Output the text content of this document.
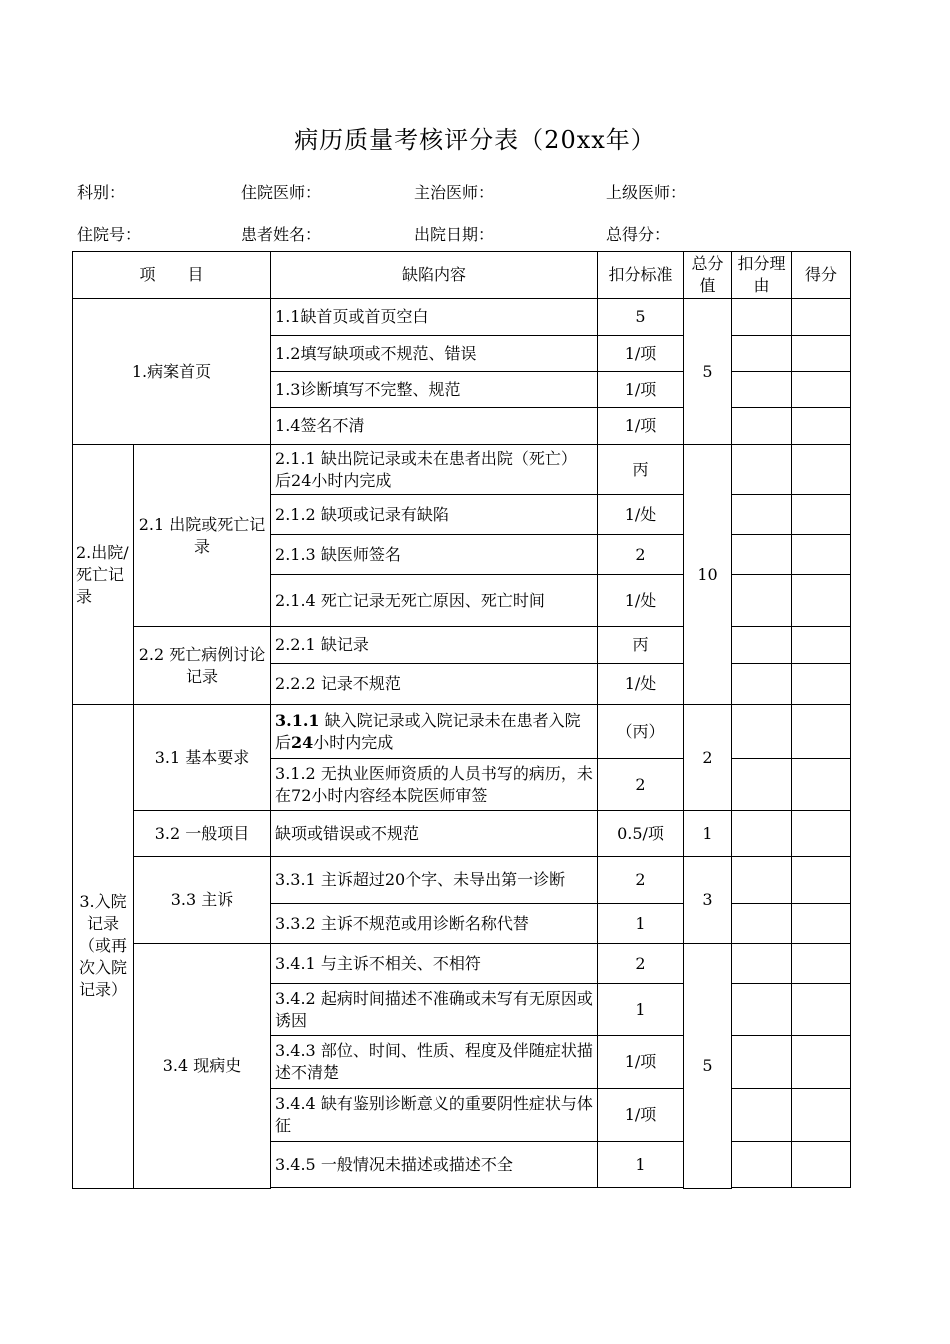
病历质量考核评分表（20xx年）
科别：	住院医师：	主治医师：	上级医师：
住院号：	患者姓名：	出院日期：	总得分：
项　　目		缺陷内容	扣分标准	总分值	扣分理由	得分	
1.病案首页		1.1缺首页或首页空白	5	5			
		1.2填写缺项或不规范、错误	1/项				
		1.3诊断填写不完整、规范	1/项				
		1.4签名不清	1/项				
2.出院/死亡记录	2.1 出院或死亡记录	2.1.1 缺出院记录或未在患者出院（死亡） 后24小时内完成	丙	10			
		2.1.2 缺项或记录有缺陷	1/处				
		2.1.3 缺医师签名	2				
		2.1.4 死亡记录无死亡原因、死亡时间	1/处				
	2.2 死亡病例讨论记录	2.2.1 缺记录	丙				
		2.2.2 记录不规范	1/处				
3.入院记录（或再次入院记录）	3.1 基本要求	3.1.1 缺入院记录或入院记录未在患者入院后24小时内完成	（丙）	2			
		3.1.2 无执业医师资质的人员书写的病历，未在72小时内容经本院医师审签	2				
	3.2 一般项目	缺项或错误或不规范	0.5/项	1			
	3.3 主诉	3.3.1 主诉超过20个字、未导出第一诊断	2	3			
		3.3.2 主诉不规范或用诊断名称代替	1				
	3.4 现病史	3.4.1 与主诉不相关、不相符	2	5			
		3.4.2 起病时间描述不准确或未写有无原因或诱因	1				
		3.4.3 部位、时间、性质、程度及伴随症状描述不清楚	1/项				
		3.4.4 缺有鉴别诊断意义的重要阴性症状与体征	1/项				
		3.4.5 一般情况未描述或描述不全	1				
